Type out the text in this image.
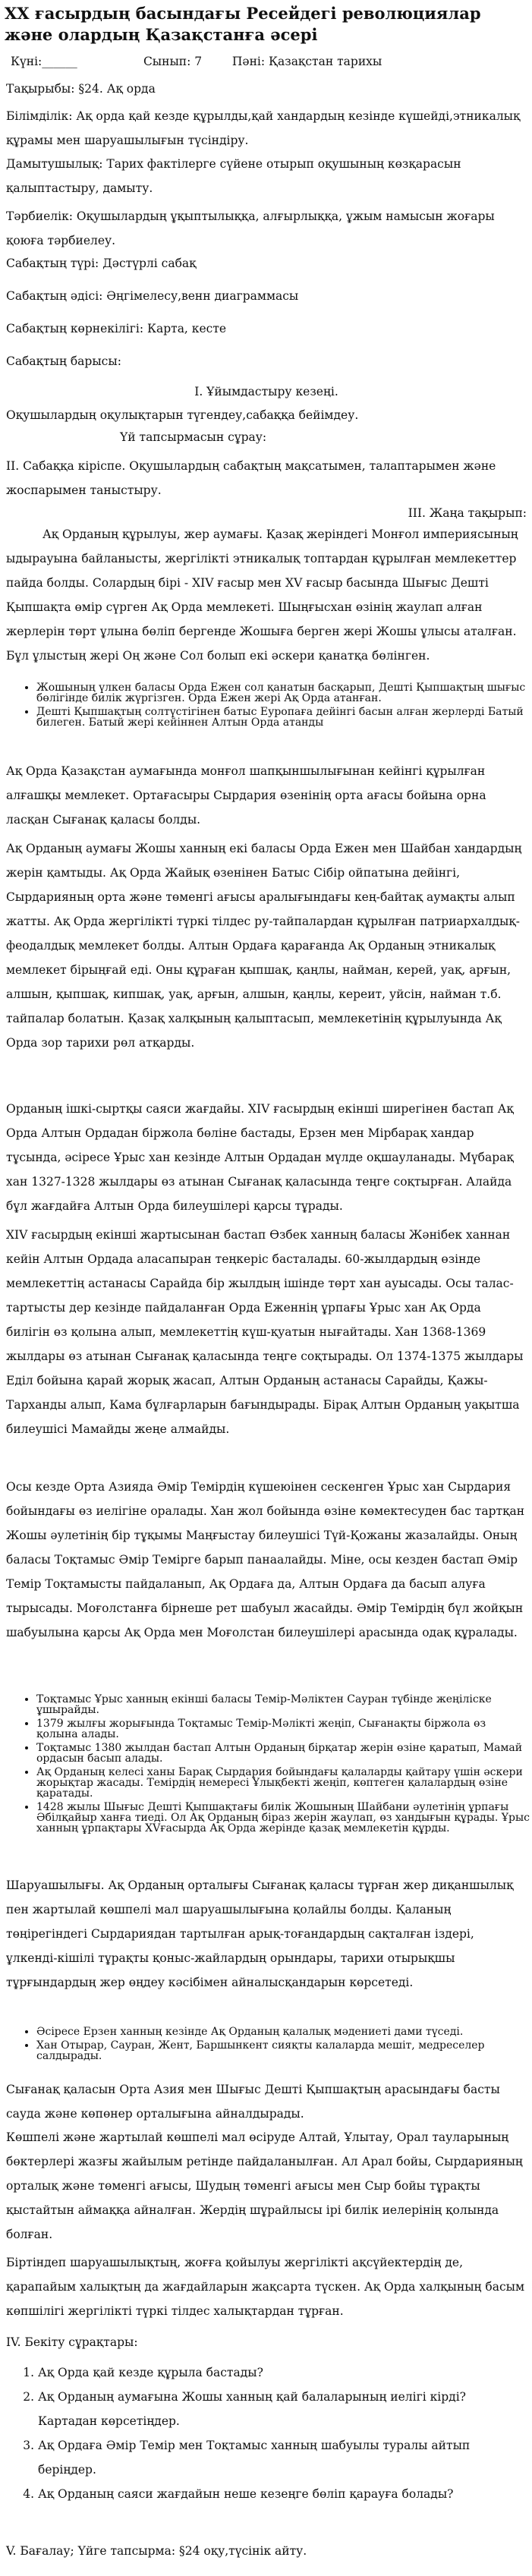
XX ғасырдың басындағы Ресейдегі революциялар және олардың Қазақстанға әсері
Күні:______	Сынып: 7	Пәні: Қазақстан тарихы

Тақырыбы: §24. Ақ орда

Білімділік: Ақ орда қай кезде құрылды,қай хандардың кезінде күшейді,этникалық құрамы мен шаруашылығын түсіндіру.

Дамытушылық: Тарих фактілерге сүйене отырып оқушының көзқарасын қалыптастыру, дамыту.

Тәрбиелік: Оқушылардың ұқыптылыққа, алғырлыққа, ұжым намысын жоғары қоюға тәрбиелеу.

Сабақтың түрі: Дәстүрлі сабақ

Сабақтың әдісі: Әңгімелесу,венн диаграммасы

Сабақтың көрнекілігі: Карта, кесте

Сабақтың барысы:

I. Ұйымдастыру кезеңі.

Оқушылардың оқулықтарын түгендеу,сабаққа бейімдеу.

Үй тапсырмасын сұрау:

II. Сабаққа кіріспе. Оқушылардың сабақтың мақсатымен, талаптарымен және жоспарымен таныстыру.

III. Жаңа тақырып:

Ақ Орданың құрылуы, жер аумағы. Қазақ жеріндегі Монғол империясының ыдырауына байланысты, жергілікті этникалық топтардан құрылған мемлекеттер пайда болды. Солардың бірі - XIV ғасыр мен XV ғасыр басында Шығыс Дешті Қыпшақта өмір сүрген Ақ Орда мемлекеті. Шыңғысхан өзінің жаулап алған жерлерін төрт ұлына бөліп бергенде Жошыға берген жері Жошы ұлысы аталған. Бұл ұлыстың жері Оң және Сол болып екі әскери қанатқа бөлінген.

• Жошының үлкен баласы Орда Ежен сол қанатын басқарып, Дешті Қыпшақтың шығыс бөлігінде билік жүргізген. Орда Ежен жері Ақ Орда атанған.
• Дешті Қыпшақтың солтүстігінен батыс Еуропаға дейінгі басын алған жерлерді Батый билеген. Батый жері кейіннен Алтын Орда атанды

Ақ Орда Қазақстан аумағында монғол шапқыншылығынан кейінгі құрылған алғашқы мемлекет. Ортағасыры Сырдария өзенінің орта ағасы бойына орна ласқан Сығанақ қаласы болды.

Ақ Орданың аумағы Жошы ханның екі баласы Орда Ежен мен Шайбан хандардың жерін қамтыды. Ақ Орда Жайық өзенінен Батыс Сібір ойпатына дейінгі, Сырдарияның орта және төменгі ағысы аралығындағы кең-байтақ аумақты алып жатты. Ақ Орда жергілікті түркі тілдес ру-тайпалардан құрылған патриархалдық-феодалдық мемлекет болды. Алтын Ордаға қарағанда Ақ Орданың этникалық мемлекет бірыңғай еді. Оны құраған қыпшақ, қаңлы, найман, керей, уақ, арғын, алшын, қыпшақ, кипшақ, уақ, арғын, алшын, қаңлы, кереит, уйсін, найман т.б. тайпалар болатын. Қазақ халқының қалыптасып, мемлекетінің құрылуында Ақ Орда зор тарихи рөл атқарды.

Орданың ішкі-сыртқы саяси жағдайы. XIV ғасырдың екінші ширегінен бастап Ақ Орда Алтын Ордадан біржола бөліне бастады, Ерзен мен Мірбарақ хандар тұсында, әсіресе Ұрыс хан кезінде Алтын Ордадан мүлде оқшауланады. Мүбарақ хан 1327-1328 жылдары өз атынан Сығанақ қаласында теңге соқтырған. Алайда бұл жағдайға Алтын Орда билеушілері қарсы тұрады.

XIV ғасырдың екінші жартысынан бастап Өзбек ханның баласы Жәнібек ханнан кейін Алтын Ордада аласапыран теңкеріс басталады. 60-жылдардың өзінде мемлекеттің астанасы Сарайда бір жылдың ішінде төрт хан ауысады. Осы талас-тартысты дер кезінде пайдаланған Орда Еженнің ұрпағы Ұрыс хан Ақ Орда билігін өз қолына алып, мемлекеттің күш-қуатын нығайтады. Хан 1368-1369 жылдары өз атынан Сығанақ қаласында теңге соқтырады. Ол 1374-1375 жылдары Еділ бойына қарай жорық жасап, Алтын Орданың астанасы Сарайды, Қажы-Тарханды алып, Кама бұлғарларын бағындырады. Бірақ Алтын Орданың уақытша билеушісі Мамайды жеңе алмайды.

Осы кезде Орта Азияда Әмір Темірдің күшеюінен сескенген Ұрыс хан Сырдария бойындағы өз иелігіне оралады. Хан жол бойында өзіне көмектесуден бас тартқан Жошы әулетінің бір тұқымы Маңғыстау билеушісі Түй-Қожаны жазалайды. Оның баласы Тоқтамыс Әмір Темірге барып панаалайды. Міне, осы кезден бастап Әмір Темір Тоқтамысты пайдаланып, Ақ Ордаға да, Алтын Ордаға да басып алуға тырысады. Моғолстанға бірнеше рет шабуыл жасайды. Әмір Темірдің бүл жойқын шабуылына қарсы Ақ Орда мен Моғолстан билеушілері арасында одақ құралады.

• Тоқтамыс Ұрыс ханның екінші баласы Темір-Мәліктен Сауран түбінде жеңіліске ұшырайды.
• 1379 жылғы жорығында Тоқтамыс Темір-Мәлікті жеңіп, Сығанақты біржола өз қолына алады.
• Тоқтамыс 1380 жылдан бастап Алтын Орданың бірқатар жерін өзіне қаратып, Мамай ордасын басып алады.
• Ақ Орданың келесі ханы Барақ Сырдария бойындағы қалаларды қайтару үшін әскери жорықтар жасады. Темірдің немересі Ұлықбекті жеңіп, көптеген қалалардың өзіне қаратады.
• 1428 жылы Шығыс Дешті Қыпшақтағы билік Жошының Шайбани әулетінің ұрпағы Әбілқайыр ханға тиеді. Ол Ақ Орданың біраз жерін жаулап, өз хандығын құрады. Ұрыс ханның ұрпақтары XVғасырда Ақ Орда жерінде қазақ мемлекетін құрды.

Шаруашылығы. Ақ Орданың орталығы Сығанақ қаласы тұрған жер диқаншылық пен жартылай көшпелі мал шаруашылығына қолайлы болды. Қаланың төңірегіндегі Сырдариядан тартылған арық-тоғандардың сақталған іздері, ұлкенді-кішілі тұрақты қоныс-жайлардың орындары, тарихи отырықшы тұрғындардың жер өңдеу кәсібімен айналысқандарын көрсетеді.

• Әсіресе Ерзен ханның кезінде Ақ Орданың қалалық мәдениеті дами түседі.
• Хан Отырар, Сауран, Жент, Баршынкент сияқты калаларда мешіт, медреселер салдырады.

Сығанақ қаласын Орта Азия мен Шығыс Дешті Қыпшақтың арасындағы басты сауда және көпөнер орталығына айналдырады.

Көшпелі және жартылай көшпелі мал өсіруде Алтай, Ұлытау, Орал тауларының бөктерлері жазғы жайылым ретінде пайдаланылған. Ал Арал бойы, Сырдарияның орталық және төменгі ағысы, Шудың төменгі ағысы мен Сыр бойы тұрақты қыстайтын аймаққа айналған. Жердің шұрайлысы ірі билік иелерінің қолында болған.

Біртіндеп шаруашылықтың, жоғға қойылуы жергілікті ақсүйектердің де, қарапайым халықтың да жағдайларын жақсарта түскен. Ақ Орда халқының басым көпшілігі жергілікті түркі тілдес халықтардан тұрған.

IV. Бекіту сұрақтары:

1. Ақ Орда қай кезде құрыла бастады?
2. Ақ Орданың аумағына Жошы ханның қай балаларының иелігі кірді? Картадан көрсетіңдер.
3. Ақ Ордаға Әмір Темір мен Тоқтамыс ханның шабуылы туралы айтып беріңдер.
4. Ақ Орданың саяси жағдайын неше кезеңге бөліп қарауға болады?

V. Бағалау; Үйге тапсырма: §24 оқу,түсінік айту.
